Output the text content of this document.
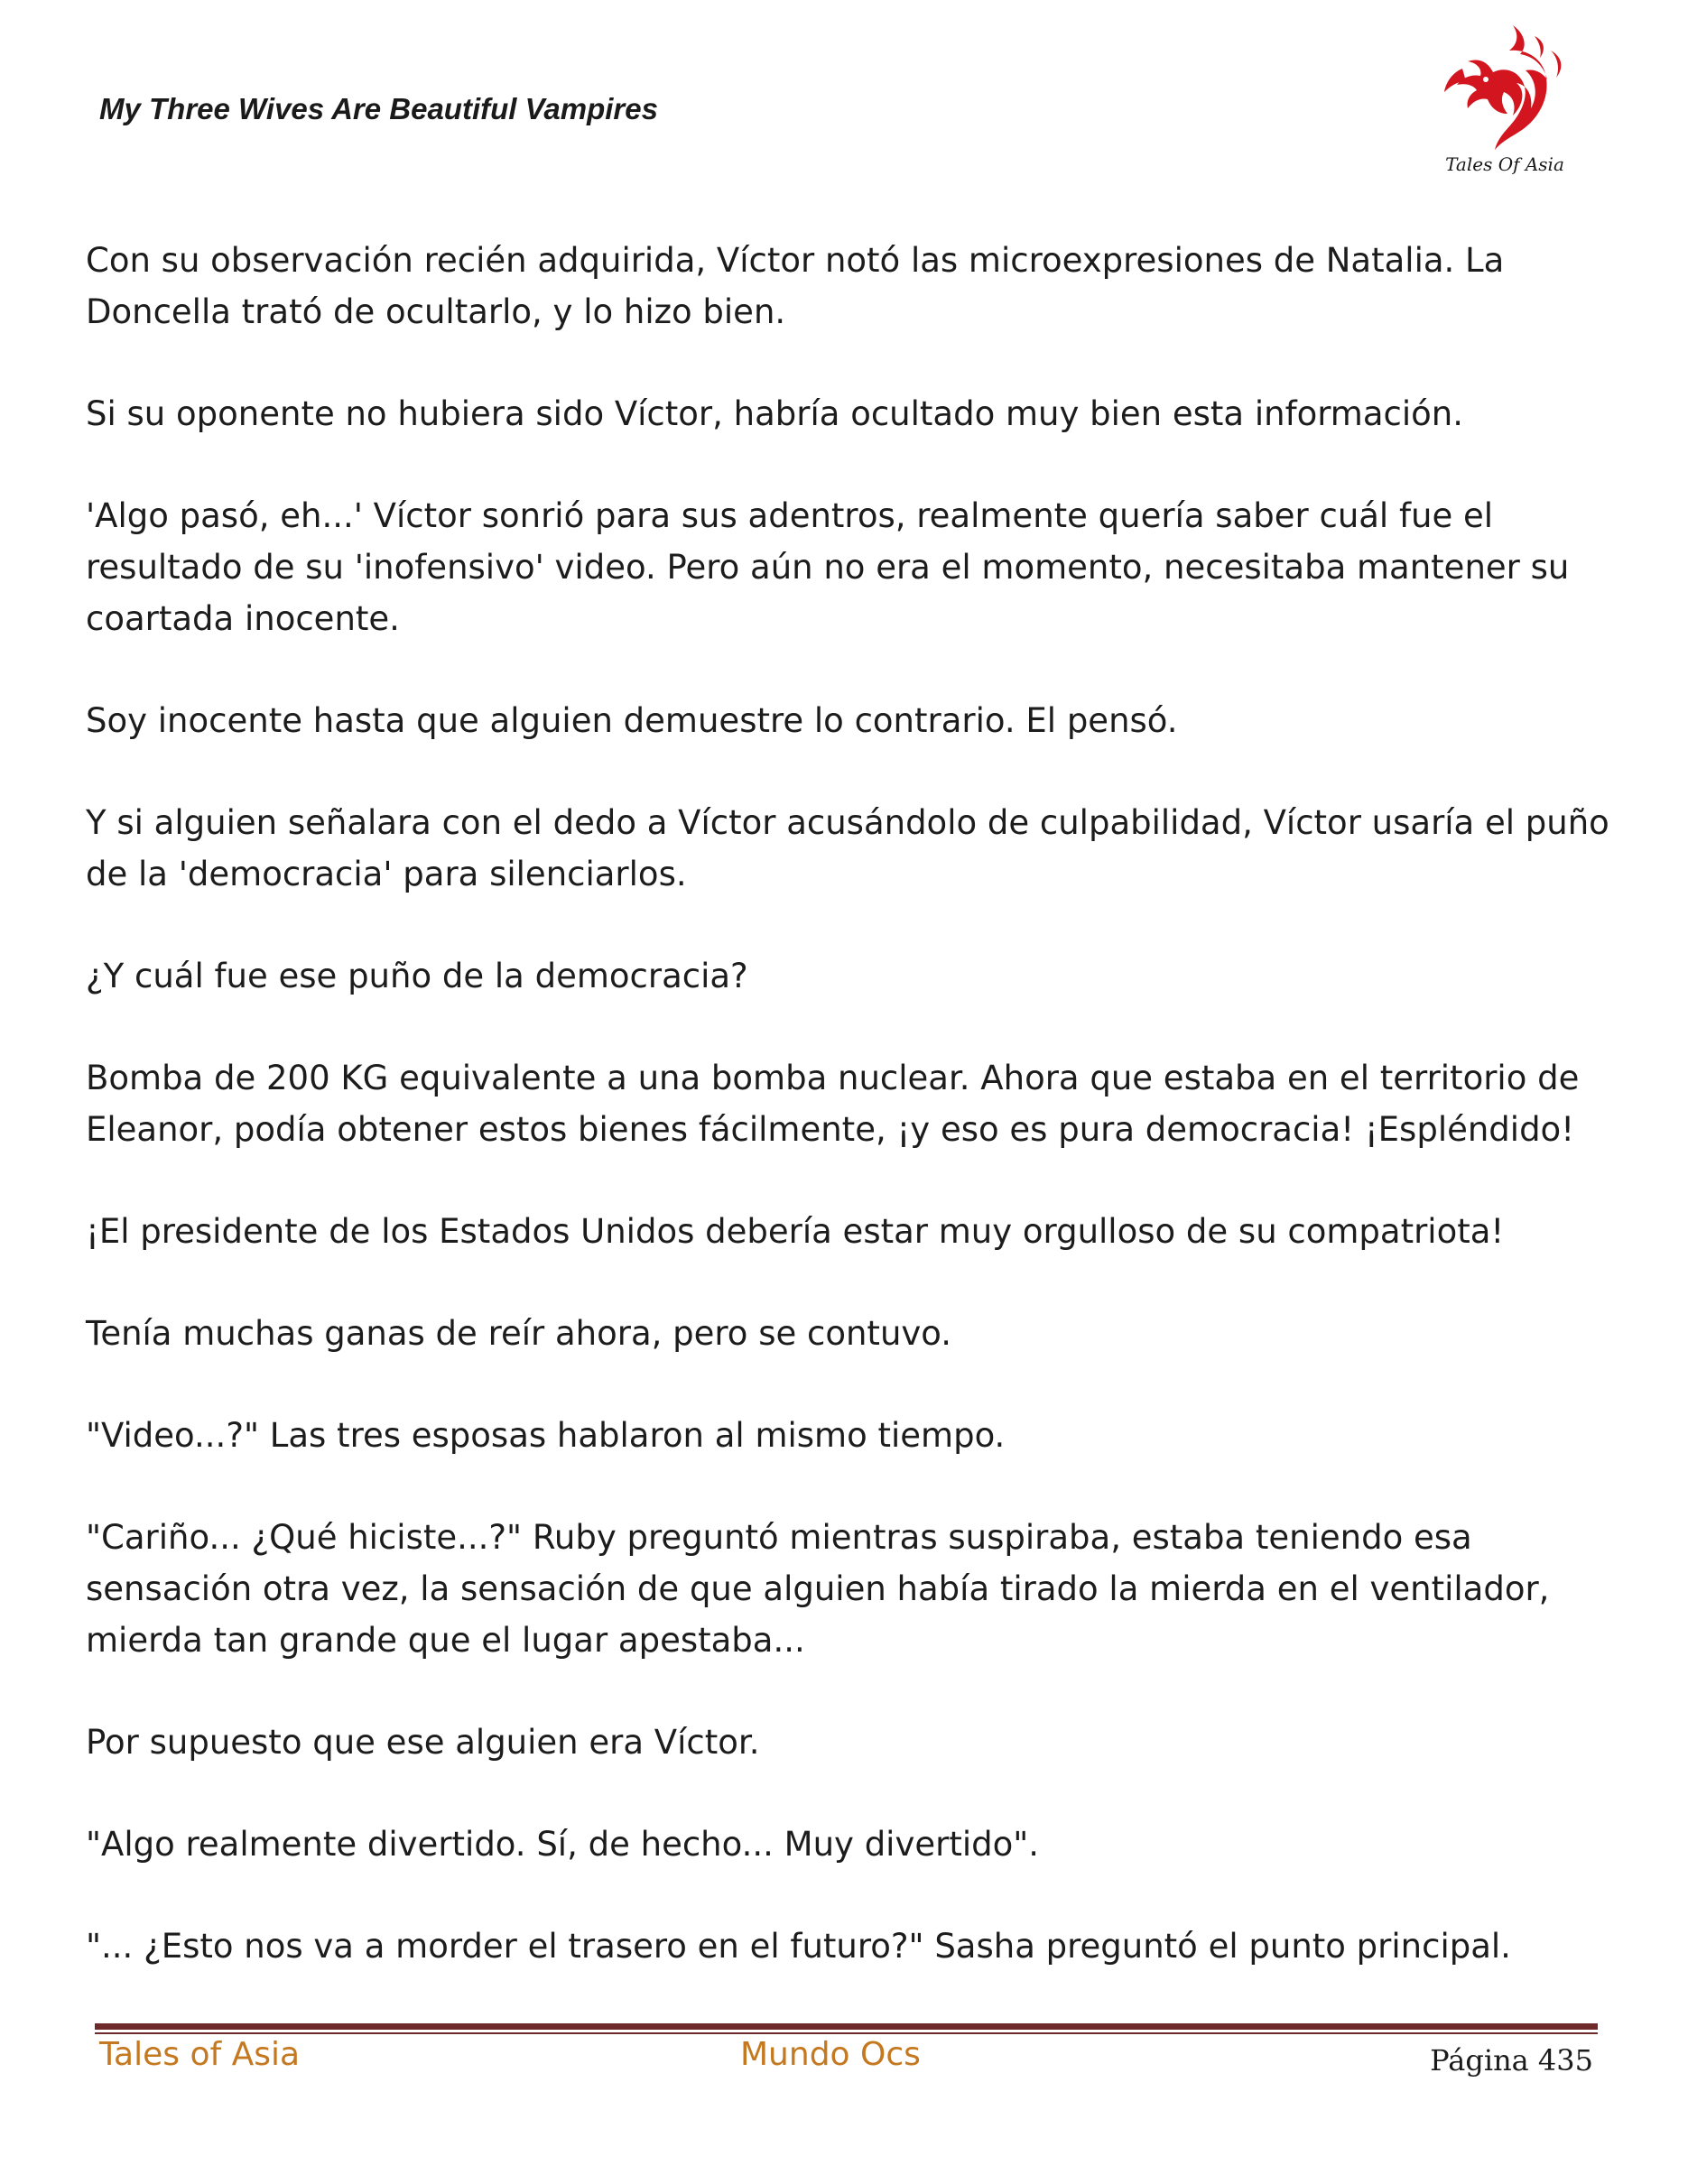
My Three Wives Are Beautiful Vampires
Tales Of Asia

Con su observación recién adquirida, Víctor notó las microexpresiones de Natalia. La Doncella trató de ocultarlo, y lo hizo bien.

Si su oponente no hubiera sido Víctor, habría ocultado muy bien esta información.

'Algo pasó, eh...' Víctor sonrió para sus adentros, realmente quería saber cuál fue el resultado de su 'inofensivo' video. Pero aún no era el momento, necesitaba mantener su coartada inocente.

Soy inocente hasta que alguien demuestre lo contrario. El pensó.

Y si alguien señalara con el dedo a Víctor acusándolo de culpabilidad, Víctor usaría el puño de la 'democracia' para silenciarlos.

¿Y cuál fue ese puño de la democracia?

Bomba de 200 KG equivalente a una bomba nuclear. Ahora que estaba en el territorio de Eleanor, podía obtener estos bienes fácilmente, ¡y eso es pura democracia! ¡Espléndido!

¡El presidente de los Estados Unidos debería estar muy orgulloso de su compatriota!

Tenía muchas ganas de reír ahora, pero se contuvo.

"Video...?" Las tres esposas hablaron al mismo tiempo.

"Cariño... ¿Qué hiciste...?" Ruby preguntó mientras suspiraba, estaba teniendo esa sensación otra vez, la sensación de que alguien había tirado la mierda en el ventilador, mierda tan grande que el lugar apestaba...

Por supuesto que ese alguien era Víctor.

"Algo realmente divertido. Sí, de hecho... Muy divertido".

"... ¿Esto nos va a morder el trasero en el futuro?" Sasha preguntó el punto principal.

Tales of Asia	Mundo Ocs	Página 435
